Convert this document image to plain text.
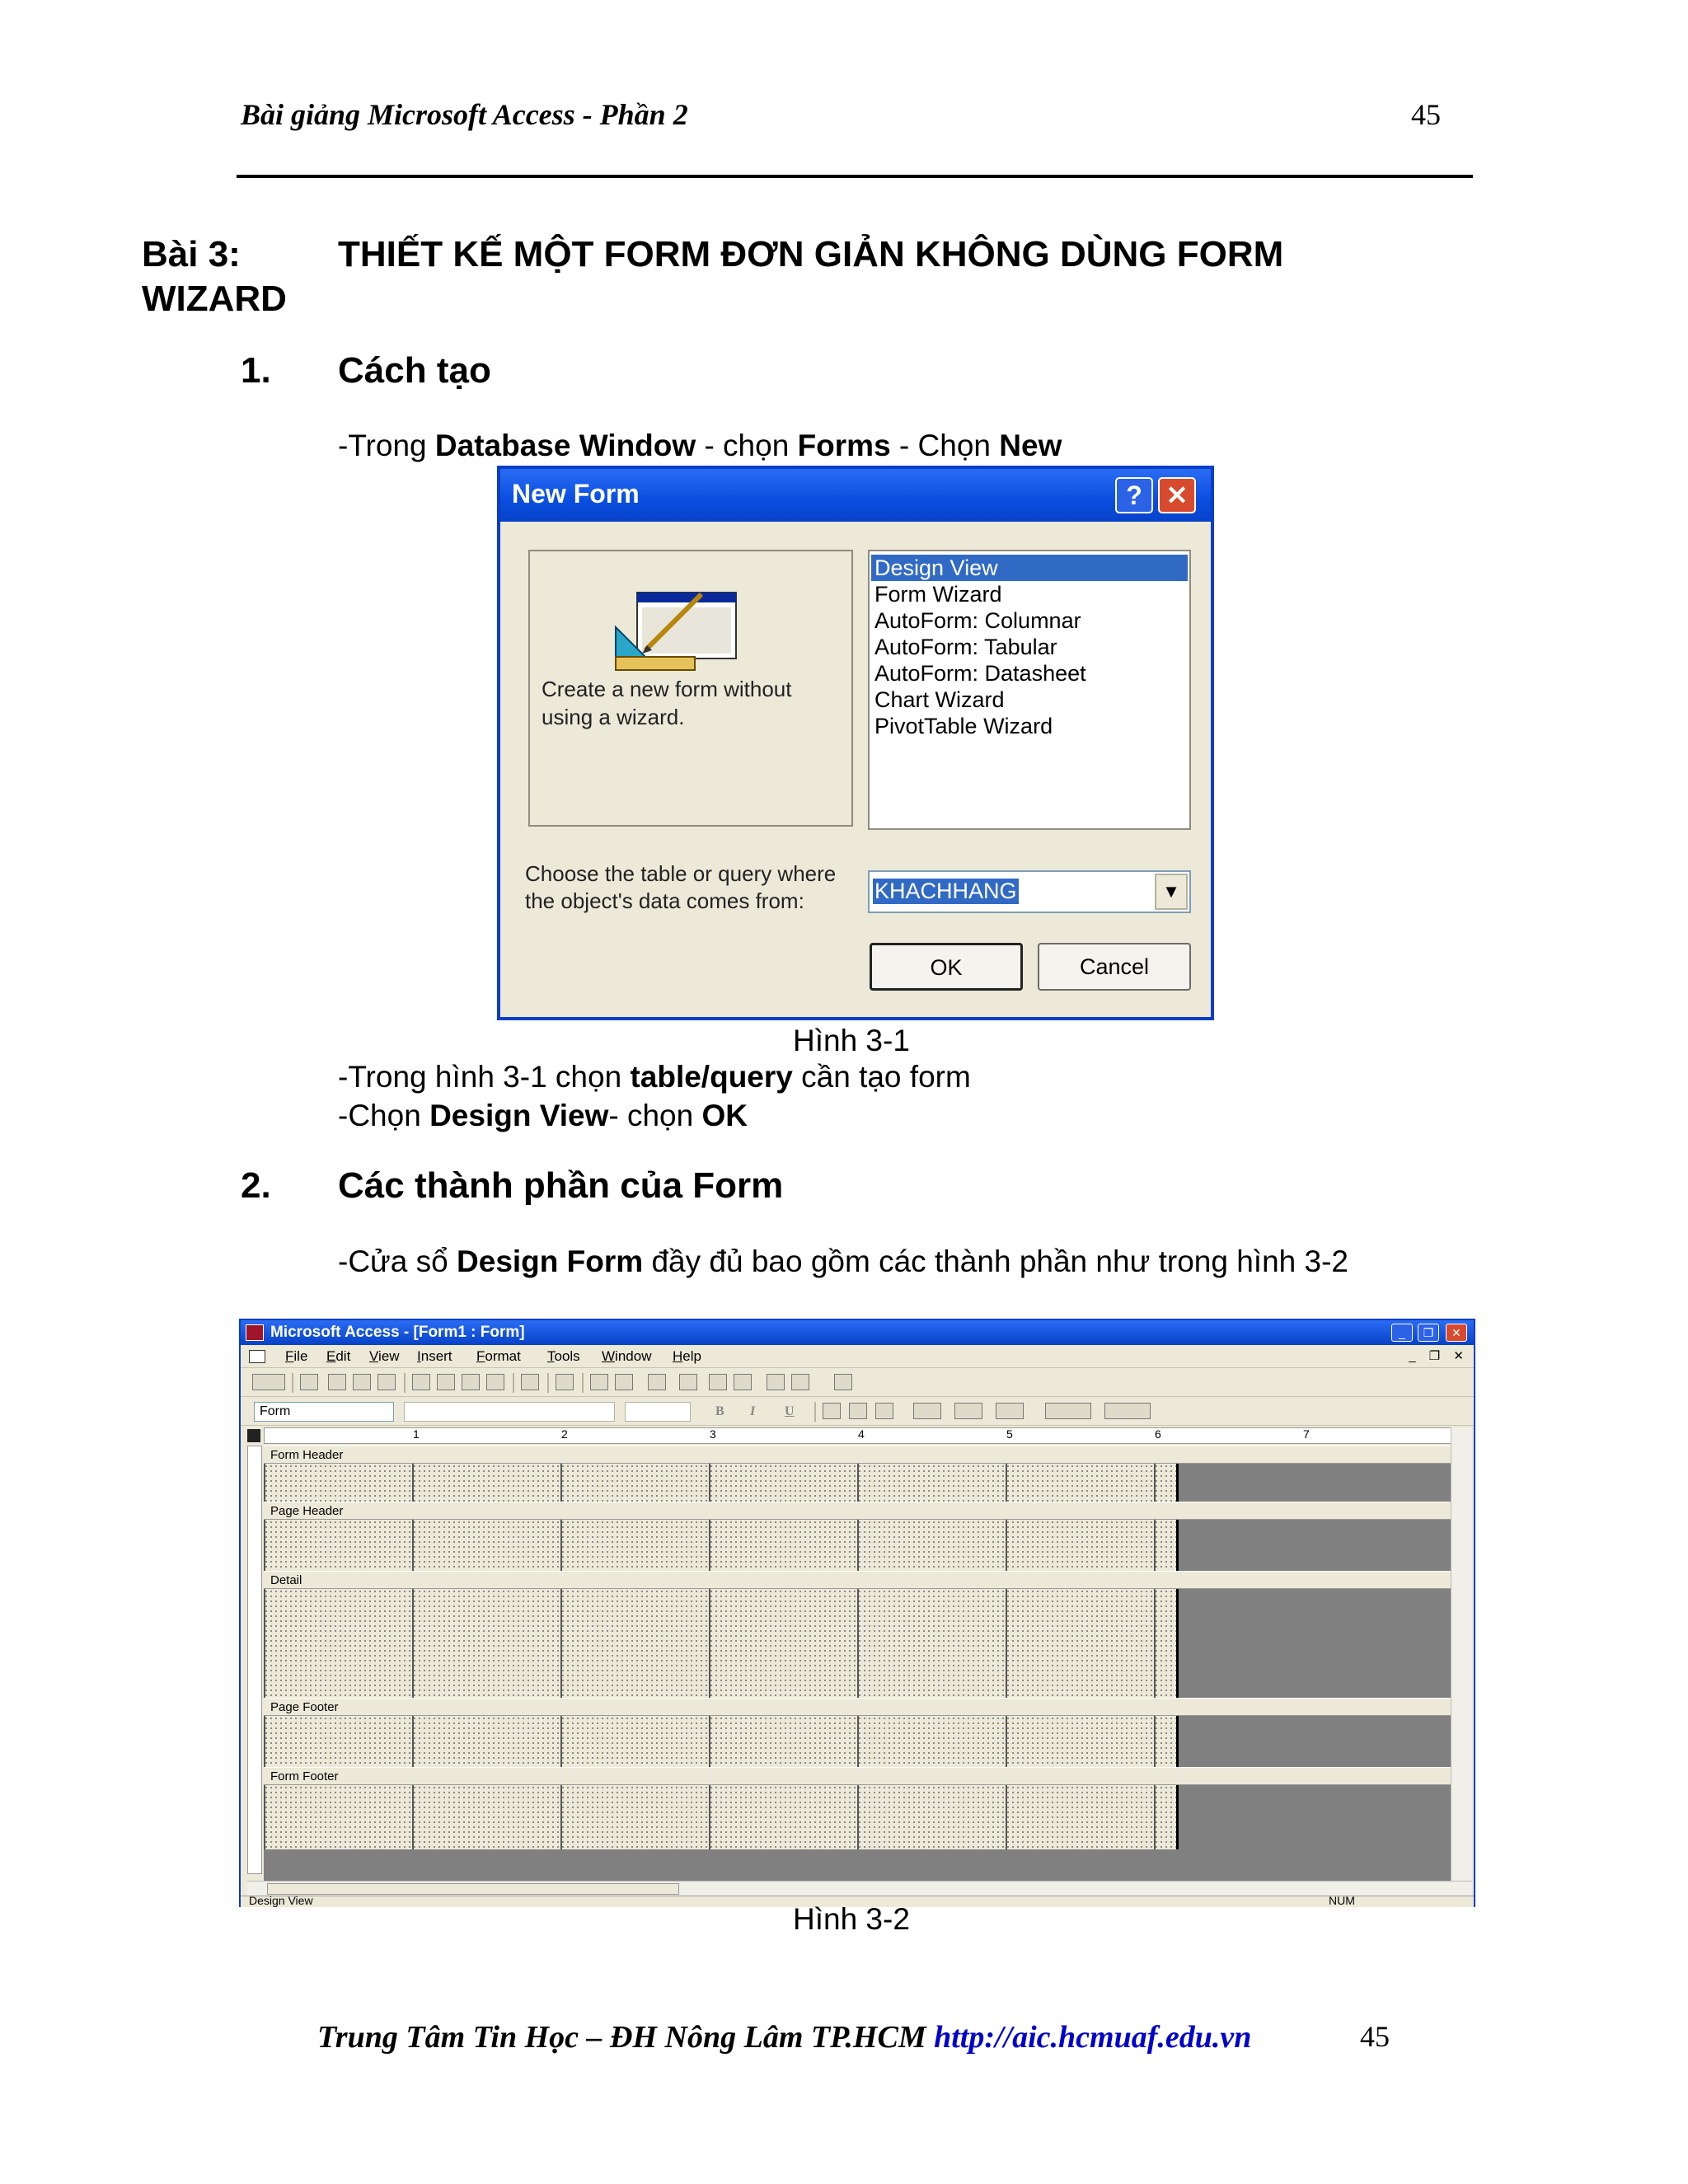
Bài giảng Microsoft Access - Phần 2	45
Bài 3:	THIẾT KẾ MỘT FORM ĐƠN GIẢN KHÔNG DÙNG FORM
WIZARD
1. Cách tạo
-Trong Database Window - chọn Forms - Chọn New
New Form	? ✕
Create a new form without using a wizard.
Design View
Form Wizard
AutoForm: Columnar
AutoForm: Tabular
AutoForm: Datasheet
Chart Wizard
PivotTable Wizard
Choose the table or query where the object's data comes from:	KHACHHANG	▼
OK	Cancel
Hình 3-1
-Trong hình 3-1 chọn table/query cần tạo form
-Chọn Design View- chọn OK
2. Các thành phần của Form
-Cửa sổ Design Form đầy đủ bao gồm các thành phần như trong hình 3-2
Microsoft Access - [Form1 : Form]	_	❐	✕
File Edit View Insert Format Tools Window Help	_ ❐ ✕
Form	B I U
1	2	3	4	5	6	7
Form Header
Page Header
Detail
Page Footer
Form Footer
Design View	NUM
Hình 3-2
Trung Tâm Tin Học – ĐH Nông Lâm TP.HCM http://aic.hcmuaf.edu.vn	45
